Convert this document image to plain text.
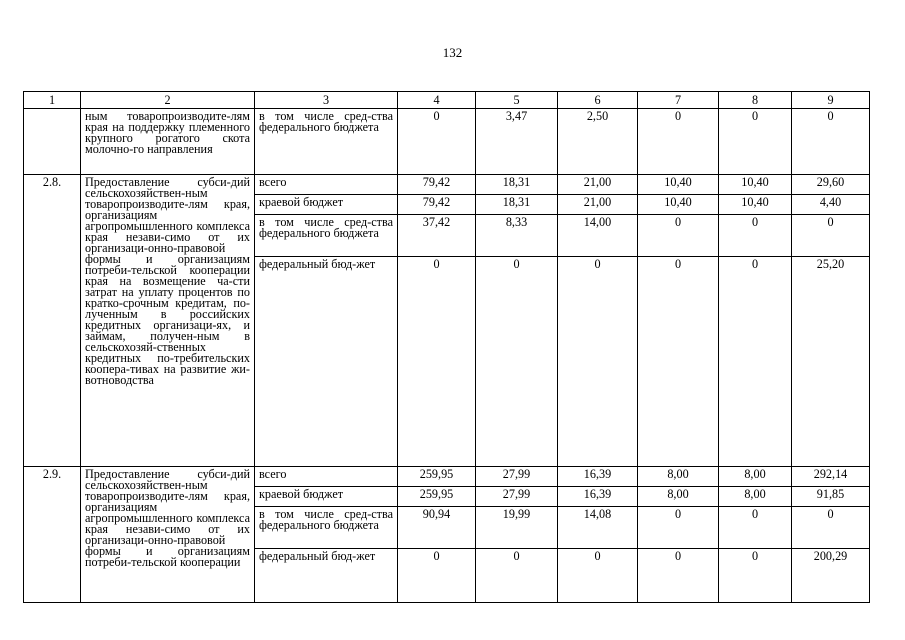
132
1	2	3	4	5	6	7	8	9
	ным товаропроизводите-лям края на поддержку племенного крупного рогатого скота молочно-го направления	в том числе сред-ства федерального бюджета	0	3,47	2,50	0	0	0
2.8.	Предоставление субси-дий сельскохозяйствен-ным товаропроизводите-лям края, организациям агропромышленного комплекса края незави-симо от их организаци-онно-правовой формы и организациям потреби-тельской кооперации края на возмещение ча-сти затрат на уплату процентов по кратко-срочным кредитам, по-лученным в российских кредитных организаци-ях, и займам, получен-ным в сельскохозяй-ственных кредитных по-требительских коопера-тивах на развитие жи-вотноводства	всего	79,42	18,31	21,00	10,40	10,40	29,60
		краевой бюджет	79,42	18,31	21,00	10,40	10,40	4,40
		в том числе сред-ства федерального бюджета	37,42	8,33	14,00	0	0	0
		федеральный бюд-жет	0	0	0	0	0	25,20
2.9.	Предоставление субси-дий сельскохозяйствен-ным товаропроизводите-лям края, организациям агропромышленного комплекса края незави-симо от их организаци-онно-правовой формы и организациям потреби-тельской кооперации	всего	259,95	27,99	16,39	8,00	8,00	292,14
		краевой бюджет	259,95	27,99	16,39	8,00	8,00	91,85
		в том числе сред-ства федерального бюджета	90,94	19,99	14,08	0	0	0
		федеральный бюд-жет	0	0	0	0	0	200,29
